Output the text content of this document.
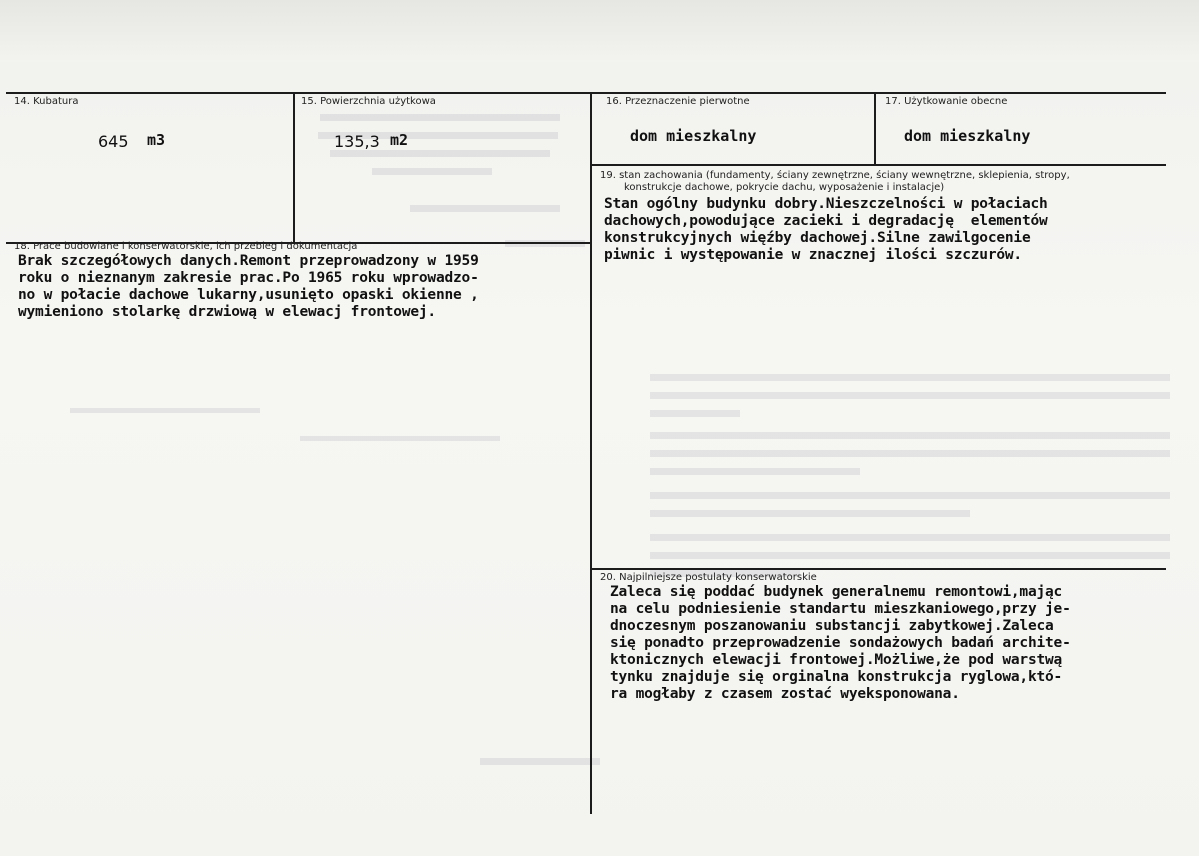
14. Kubatura
645 m3
15. Powierzchnia użytkowa
135,3 m2
16. Przeznaczenie pierwotne
dom mieszkalny
17. Użytkowanie obecne
dom mieszkalny
19. stan zachowania (fundamenty, ściany zewnętrzne, ściany wewnętrzne, sklepienia, stropy,
konstrukcje dachowe, pokrycie dachu, wyposażenie i instalacje)
Stan ogólny budynku dobry.Nieszczelności w połaciach
dachowych,powodujące zacieki i degradację  elementów
konstrukcyjnych więźby dachowej.Silne zawilgocenie
piwnic i występowanie w znacznej ilości szczurów.
18. Prace budowlane i konserwatorskie, ich przebieg i dokumentacja
Brak szczegółowych danych.Remont przeprowadzony w 1959
roku o nieznanym zakresie prac.Po 1965 roku wprowadzo-
no w połacie dachowe lukarny,usunięto opaski okienne ,
wymieniono stolarkę drzwiową w elewacj frontowej.
20. Najpilniejsze postulaty konserwatorskie
Zaleca się poddać budynek generalnemu remontowi,mając
na celu podniesienie standartu mieszkaniowego,przy je-
dnoczesnym poszanowaniu substancji zabytkowej.Zaleca
się ponadto przeprowadzenie sondażowych badań archite-
ktonicznych elewacji frontowej.Możliwe,że pod warstwą
tynku znajduje się orginalna konstrukcja ryglowa,któ-
ra mogłaby z czasem zostać wyeksponowana.
